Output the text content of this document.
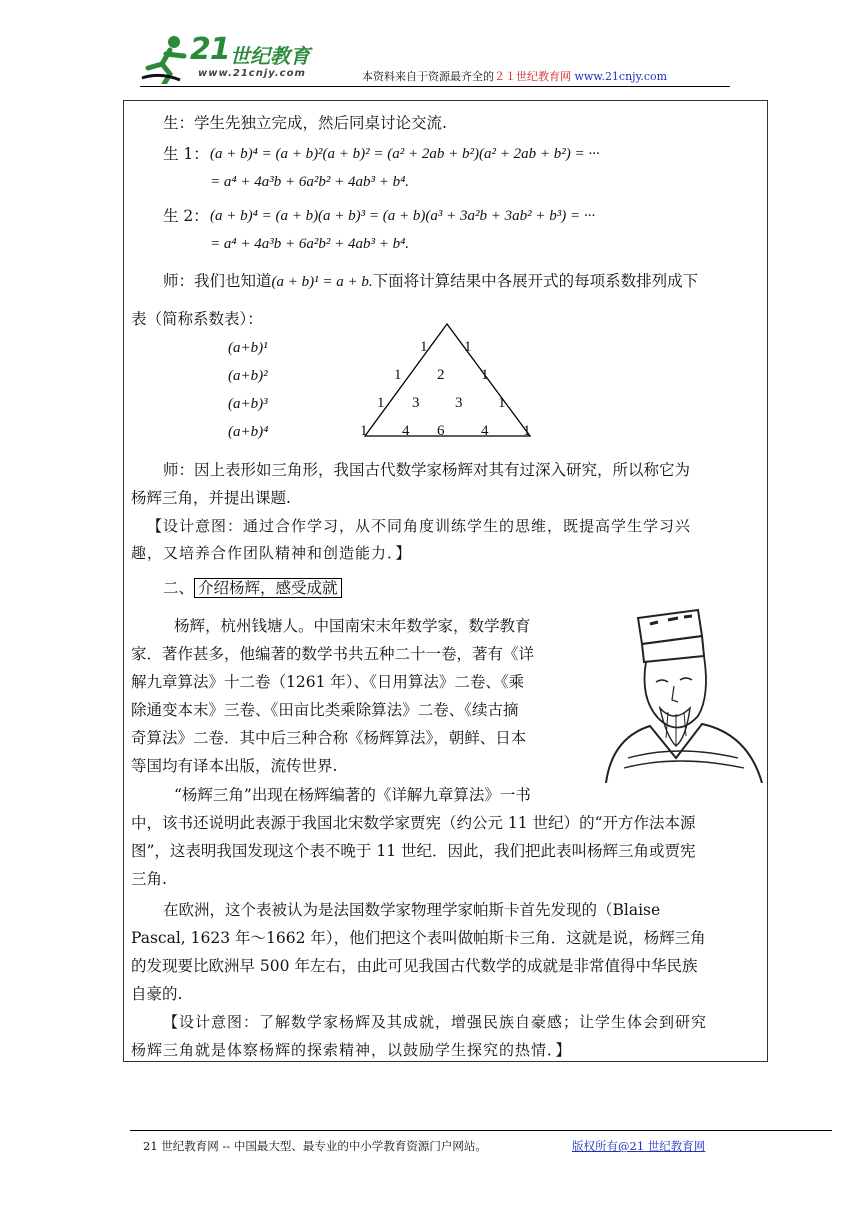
21 世纪教育
www.21cnjy.com	本资料来自于资源最齐全的２１世纪教育网 www.21cnjy.com
生：学生先独立完成，然后同桌讨论交流.
生 1： (a + b)⁴ = (a + b)²(a + b)² = (a² + 2ab + b²)(a² + 2ab + b²) = ···
= a⁴ + 4a³b + 6a²b² + 4ab³ + b⁴.
生 2： (a + b)⁴ = (a + b)(a + b)³ = (a + b)(a³ + 3a²b + 3ab² + b³) = ···
= a⁴ + 4a³b + 6a²b² + 4ab³ + b⁴.
师：我们也知道(a + b)¹ = a + b.下面将计算结果中各展开式的每项系数排列成下
表（简称系数表）：
(a+b)¹
(a+b)²
(a+b)³
(a+b)⁴
1 1
1 2 1
1 3 3 1
1 4 6 4 1
师：因上表形如三角形，我国古代数学家杨辉对其有过深入研究，所以称它为
杨辉三角，并提出课题.
【设计意图：通过合作学习，从不同角度训练学生的思维，既提高学生学习兴
趣，又培养合作团队精神和创造能力．】
二、 介绍杨辉，感受成就
杨辉，杭州钱塘人。中国南宋末年数学家，数学教育
家．著作甚多，他编著的数学书共五种二十一卷，著有《详
解九章算法》十二卷（1261 年）、《日用算法》二卷、《乘
除通变本末》三卷、《田亩比类乘除算法》二卷、《续古摘
奇算法》二卷．其中后三种合称《杨辉算法》，朝鲜、日本
等国均有译本出版，流传世界.
“杨辉三角”出现在杨辉编著的《详解九章算法》一书
中，该书还说明此表源于我国北宋数学家贾宪（约公元 11 世纪）的“开方作法本源
图”，这表明我国发现这个表不晚于 11 世纪．因此，我们把此表叫杨辉三角或贾宪
三角.
在欧洲，这个表被认为是法国数学家物理学家帕斯卡首先发现的（Blaise
Pascal, 1623 年～1662 年），他们把这个表叫做帕斯卡三角．这就是说，杨辉三角
的发现要比欧洲早 500 年左右，由此可见我国古代数学的成就是非常值得中华民族
自豪的.
【设计意图：了解数学家杨辉及其成就，增强民族自豪感；让学生体会到研究
杨辉三角就是体察杨辉的探索精神，以鼓励学生探究的热情．】
21 世纪教育网 -- 中国最大型、最专业的中小学教育资源门户网站。	版权所有@21 世纪教育网
